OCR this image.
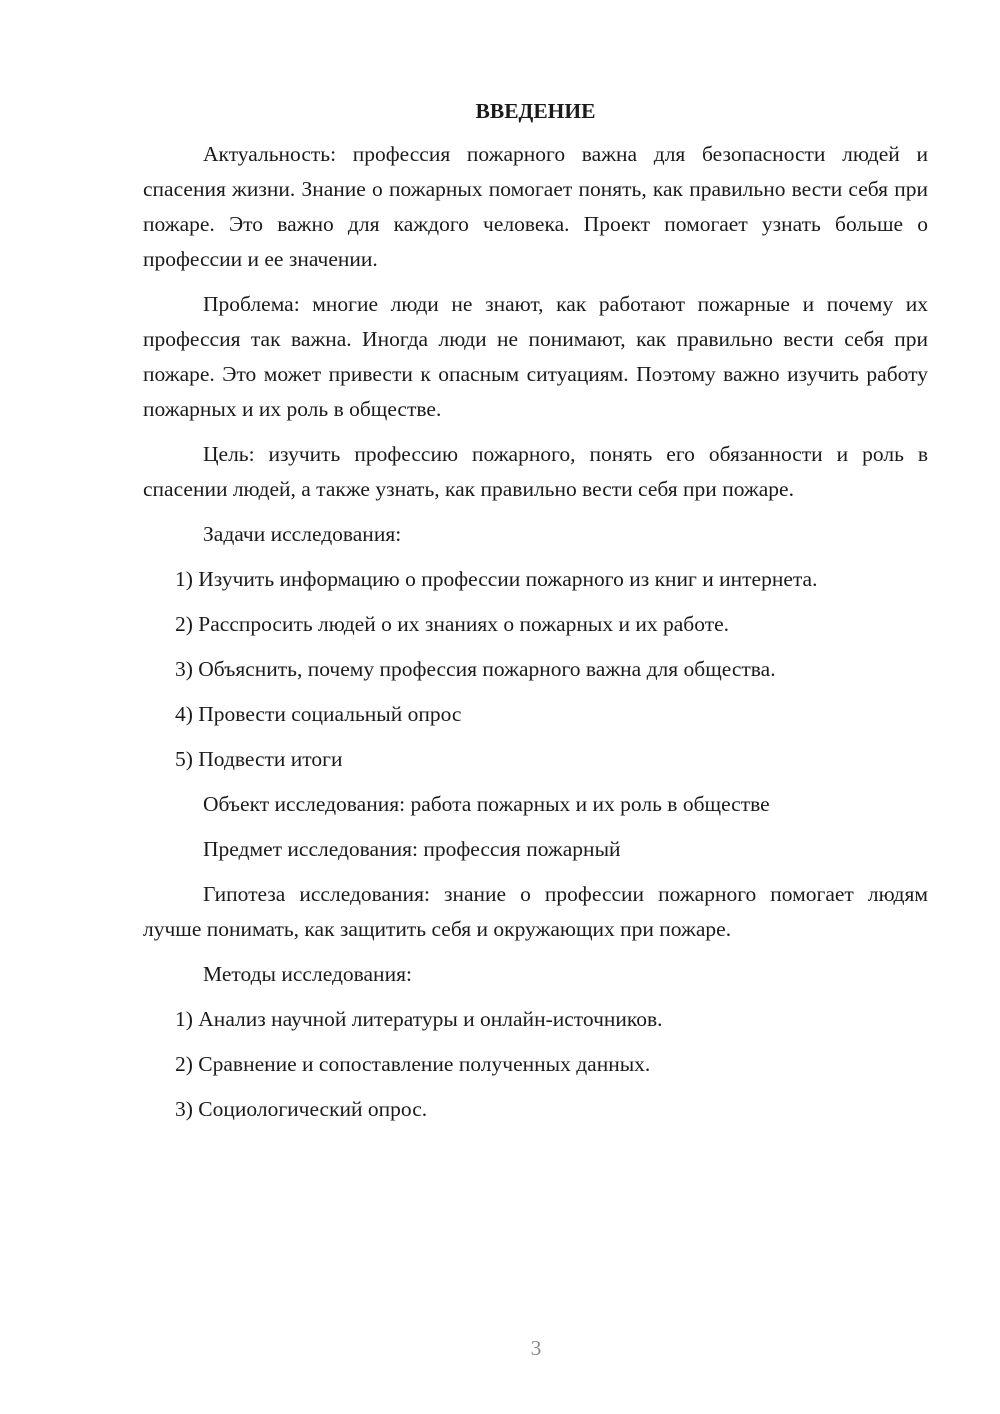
ВВЕДЕНИЕ

Актуальность: профессия пожарного важна для безопасности людей и спасения жизни. Знание о пожарных помогает понять, как правильно вести себя при пожаре. Это важно для каждого человека. Проект помогает узнать больше о профессии и ее значении.

Проблема: многие люди не знают, как работают пожарные и почему их профессия так важна. Иногда люди не понимают, как правильно вести себя при пожаре. Это может привести к опасным ситуациям. Поэтому важно изучить работу пожарных и их роль в обществе.

Цель: изучить профессию пожарного, понять его обязанности и роль в спасении людей, а также узнать, как правильно вести себя при пожаре.

Задачи исследования:

1) Изучить информацию о профессии пожарного из книг и интернета.

2) Расспросить людей о их знаниях о пожарных и их работе.

3) Объяснить, почему профессия пожарного важна для общества.

4) Провести социальный опрос

5) Подвести итоги

Объект исследования: работа пожарных и их роль в обществе

Предмет исследования: профессия пожарный

Гипотеза исследования: знание о профессии пожарного помогает людям лучше понимать, как защитить себя и окружающих при пожаре.

Методы исследования:

1) Анализ научной литературы и онлайн-источников.

2) Сравнение и сопоставление полученных данных.

3) Социологический опрос.

3
